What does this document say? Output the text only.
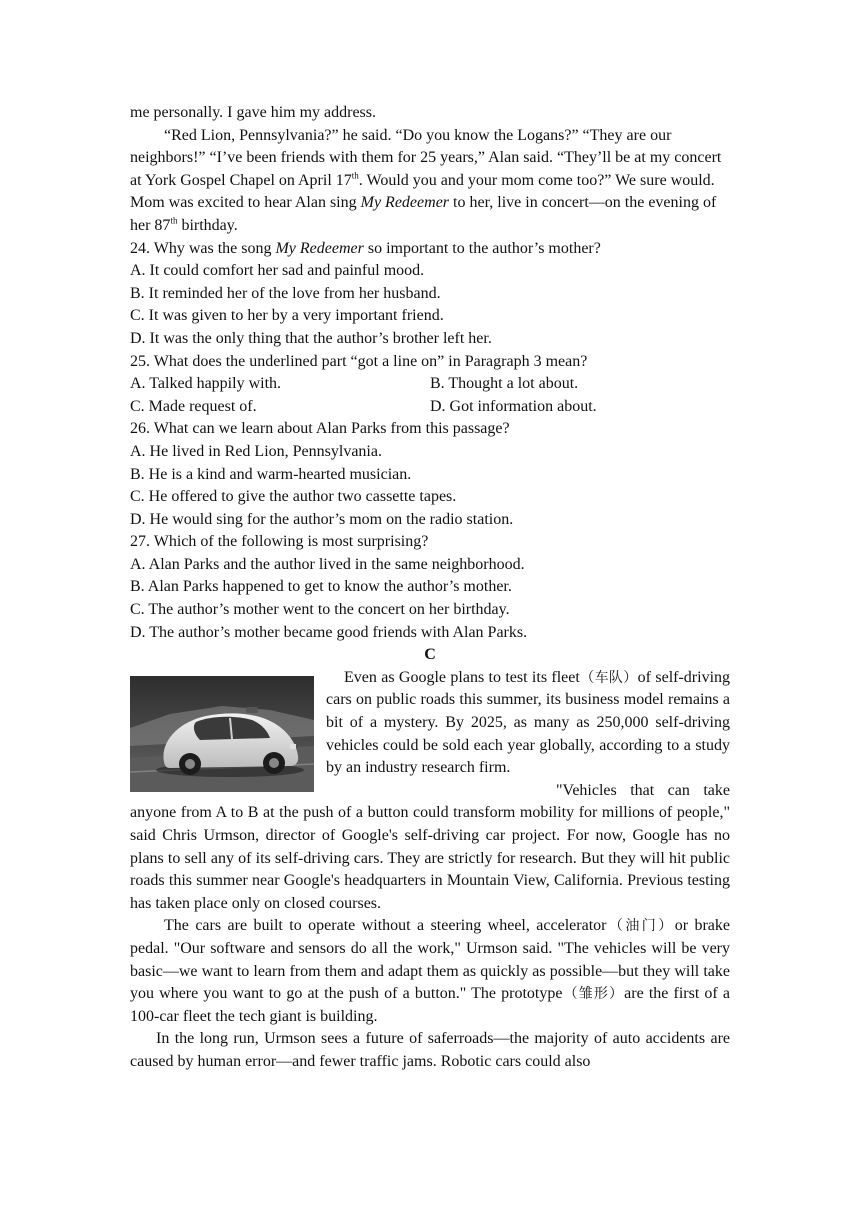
me personally. I gave him my address.

“Red Lion, Pennsylvania?” he said. “Do you know the Logans?” “They are our neighbors!” “I’ve been friends with them for 25 years,” Alan said. “They’ll be at my concert at York Gospel Chapel on April 17th. Would you and your mom come too?” We sure would. Mom was excited to hear Alan sing My Redeemer to her, live in concert—on the evening of her 87th birthday.

24. Why was the song My Redeemer so important to the author’s mother?

A. It could comfort her sad and painful mood.

B. It reminded her of the love from her husband.

C. It was given to her by a very important friend.

D. It was the only thing that the author’s brother left her.

25. What does the underlined part “got a line on” in Paragraph 3 mean?

A. Talked happily with.	B. Thought a lot about.

C. Made request of.	D. Got information about.

26. What can we learn about Alan Parks from this passage?

A. He lived in Red Lion, Pennsylvania.

B. He is a kind and warm-hearted musician.

C. He offered to give the author two cassette tapes.

D. He would sing for the author’s mom on the radio station.

27. Which of the following is most surprising?

A. Alan Parks and the author lived in the same neighborhood.

B. Alan Parks happened to get to know the author’s mother.

C. The author’s mother went to the concert on her birthday.

D. The author’s mother became good friends with Alan Parks.

C

Even as Google plans to test its fleet（车队）of self-driving cars on public roads this summer, its business model remains a bit of a mystery. By 2025, as many as 250,000 self-driving vehicles could be sold each year globally, according to a study by an industry research firm.

"Vehicles that can take anyone from A to B at the push of a button could transform mobility for millions of people," said Chris Urmson, director of Google's self-driving car project. For now, Google has no plans to sell any of its self-driving cars. They are strictly for research. But they will hit public roads this summer near Google's headquarters in Mountain View, California. Previous testing has taken place only on closed courses.

The cars are built to operate without a steering wheel, accelerator（油门）or brake pedal. "Our software and sensors do all the work," Urmson said. "The vehicles will be very basic—we want to learn from them and adapt them as quickly as possible—but they will take you where you want to go at the push of a button." The prototype（雏形）are the first of a 100-car fleet the tech giant is building.

In the long run, Urmson sees a future of saferroads—the majority of auto accidents are caused by human error—and fewer traffic jams. Robotic cars could also
